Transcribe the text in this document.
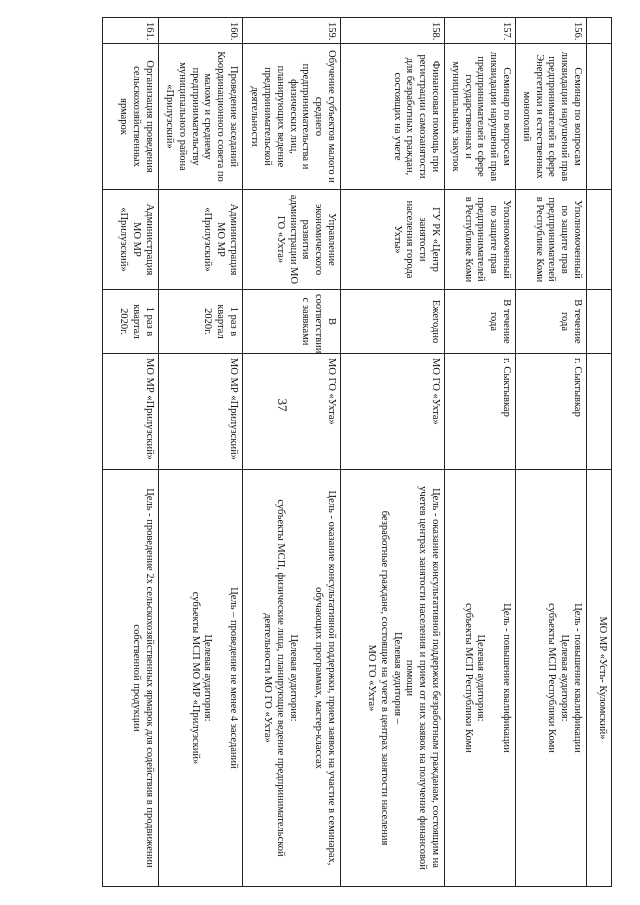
37
					МО МР «Усть- Куломский»
156.	Семинар по вопросам ликвидации нарушений прав предпринимателей в сфере Энергетики и естественных монополий	Уполномоченный по защите прав предпринимателей в Республике Коми	В течение года	г. Сыктывкар	Цель - повышение квалификации
Целевая аудитория:
субъекты МСП Республики Коми

157.	Семинар по вопросам ликвидации нарушений прав предпринимателей в сфере государственных и муниципальных закупок	Уполномоченный по защите прав предпринимателей в Республике Коми	В течение года	г. Сыктывкар	Цель - повышение квалификации

Целевая аудитория:
субъекты МСП Республики Коми

158.	Финансовая помощь при регистрации самозанятости для безработных граждан, состоящих на учете	ГУ РК «Центр занятости населения города Ухты»	Ежегодно	МО ГО «Ухта»	Цель - оказание консультативной поддержки безработным гражданам, состоящим на учетев центрах занятости населения и прием от них заявок на получение финансовой помощи
Целевая аудитория –
безработные граждане, состоящие на учете в центрах занятости населения
МО ГО «Ухта»

159.	Обучение субъектов малого и среднего предпринимательства и физических лиц, планирующих ведение предпринимательской деятельности	Управление экономического развития администрации МО ГО «Ухта»	В соответствии с заявками	МО ГО «Ухта»	Цель - оказание консультативной поддержки, прием заявок на участие в семинарах, обучающих программах, мастер-классах

Целевая аудитория:
субъекты МСП, физические лица, планирующие ведение предпринимательской деятельности МО ГО «Ухта»

160.	Проведение заседаний Координационного совета по малому и среднему предпринимательству муниципального района «Прилузский»	Администрация МО МР «Прилузский»	1 раз в квартал 2020г.	МО МР «Прилузский»	Цель – проведение не менее 4 заседаний

Целевая аудитория:
субъекты МСП МО МР «Прилузский»

161.	Организация проведения сельскохозяйственных ярмарок	Администрация МО МР «Прилузский»	1 раз в квартал 2020г.	МО МР «Прилузский»	Цель - проведение 2х сельскохозяйственных ярмарок для содействия в продвижении собственной продукции
